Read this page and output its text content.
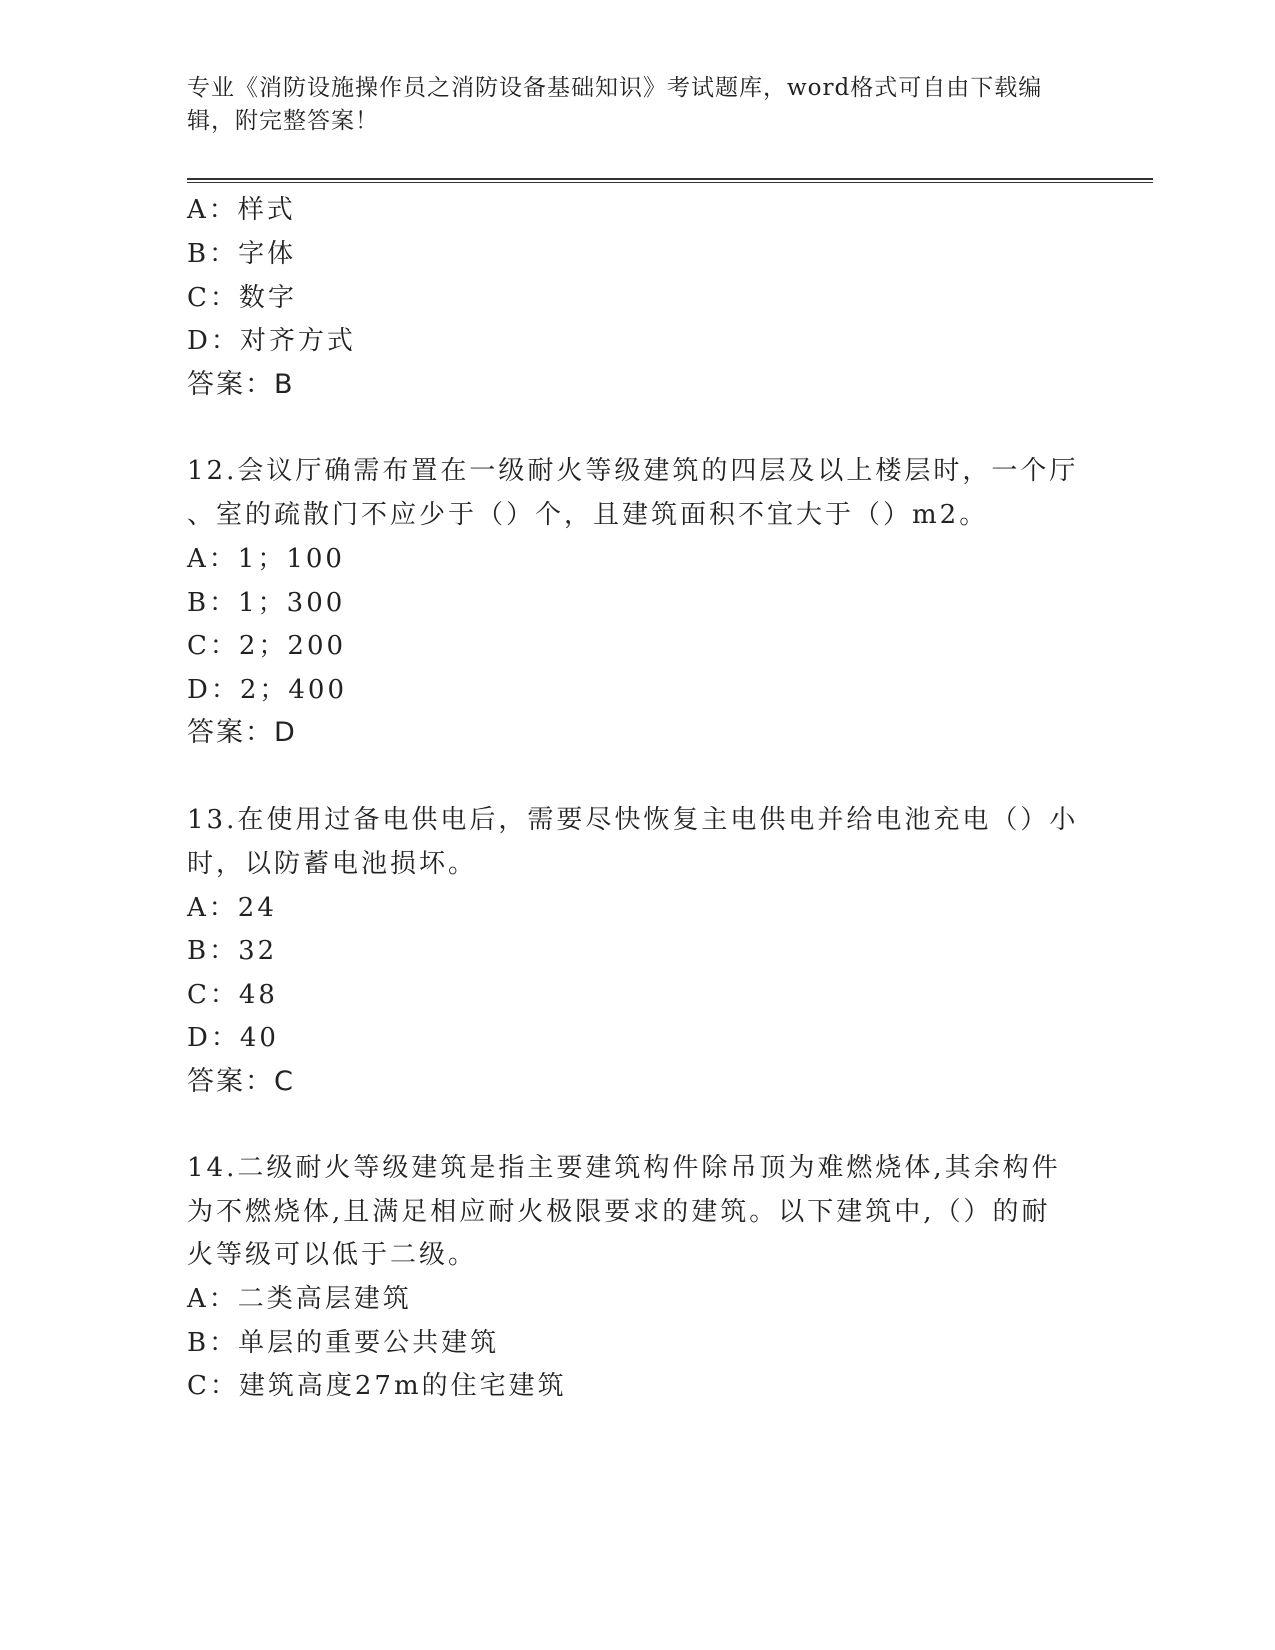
专业《消防设施操作员之消防设备基础知识》考试题库，word格式可自由下载编辑，附完整答案！
A：样式
B：字体
C：数字
D：对齐方式
答案：B
12.会议厅确需布置在一级耐火等级建筑的四层及以上楼层时，一个厅
、室的疏散门不应少于（）个，且建筑面积不宜大于（）m2。
A：1；100
B：1；300
C：2；200
D：2；400
答案：D
13.在使用过备电供电后，需要尽快恢复主电供电并给电池充电（）小
时，以防蓄电池损坏。
A：24
B：32
C：48
D：40
答案：C
14.二级耐火等级建筑是指主要建筑构件除吊顶为难燃烧体,其余构件
为不燃烧体,且满足相应耐火极限要求的建筑。以下建筑中,（）的耐
火等级可以低于二级。
A：二类高层建筑
B：单层的重要公共建筑
C：建筑高度27m的住宅建筑
